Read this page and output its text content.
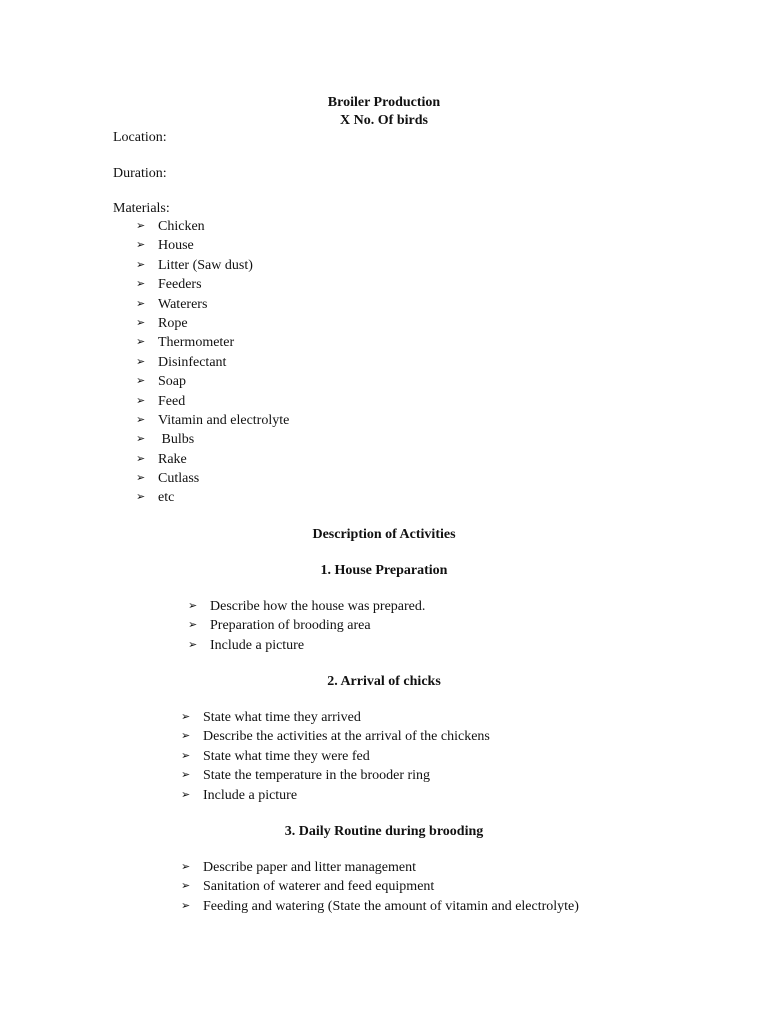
Broiler Production
X No. Of birds
Location:
Duration:
Materials:
➢ Chicken
➢ House
➢ Litter (Saw dust)
➢ Feeders
➢ Waterers
➢ Rope
➢ Thermometer
➢ Disinfectant
➢ Soap
➢ Feed
➢ Vitamin and electrolyte
➢ Bulbs
➢ Rake
➢ Cutlass
➢ etc
Description of Activities
1. House Preparation
➢ Describe how the house was prepared.
➢ Preparation of brooding area
➢ Include a picture
2. Arrival of chicks
➢ State what time they arrived
➢ Describe the activities at the arrival of the chickens
➢ State what time they were fed
➢ State the temperature in the brooder ring
➢ Include a picture
3. Daily Routine during brooding
➢ Describe paper and litter management
➢ Sanitation of waterer and feed equipment
➢ Feeding and watering (State the amount of vitamin and electrolyte)
